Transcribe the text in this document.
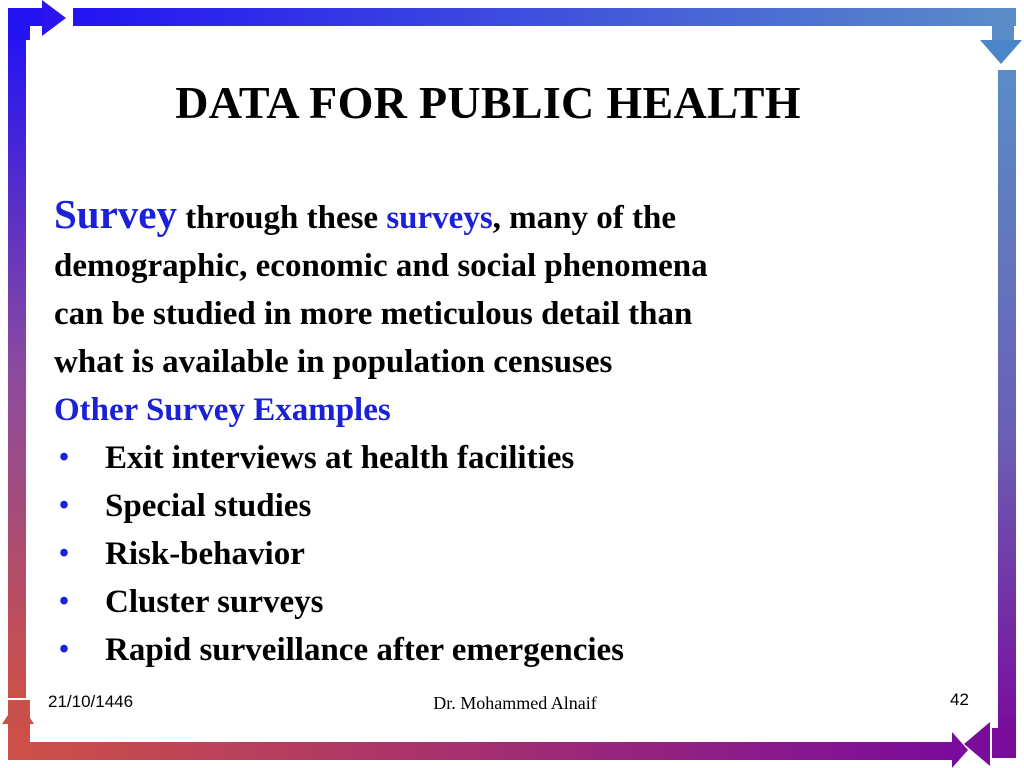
DATA FOR PUBLIC HEALTH
Survey through these surveys, many of the
demographic, economic and social phenomena
can be studied in more meticulous detail than
what is available in population censuses
Other Survey Examples
• Exit interviews at health facilities
• Special studies
• Risk-behavior
• Cluster surveys
• Rapid surveillance after emergencies
21/10/1446	Dr. Mohammed Alnaif	42
